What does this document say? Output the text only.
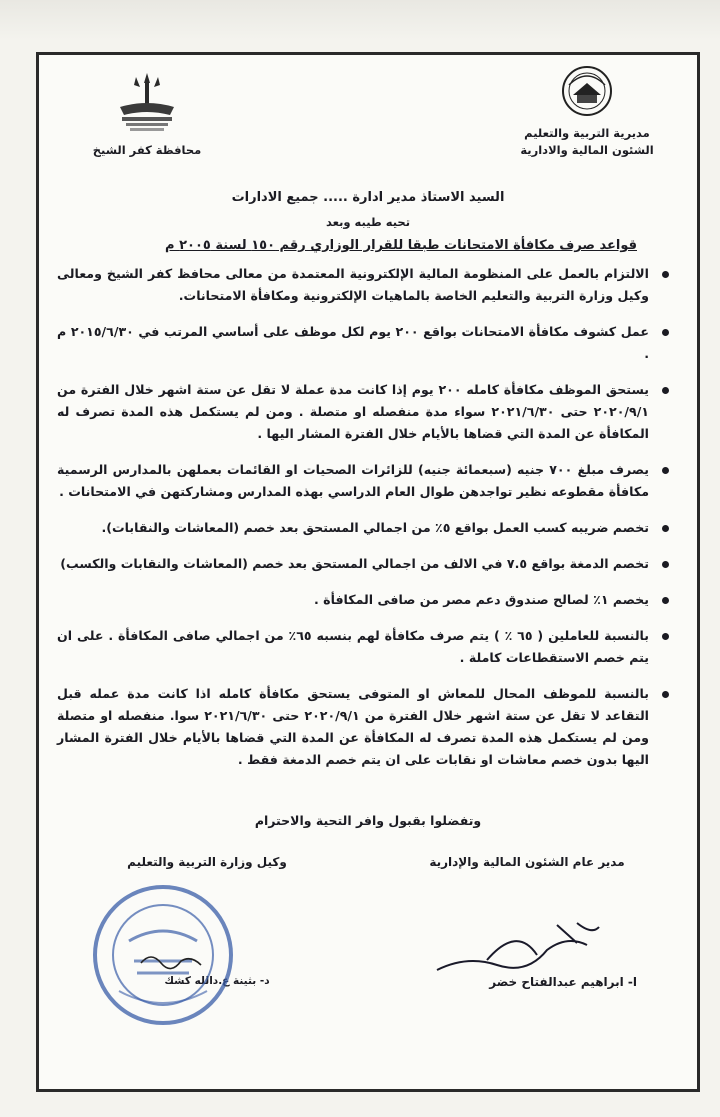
مديرية التربية والتعليم
الشئون المالية والادارية
محافظة كفر الشيخ
السيد الاستاذ مدير ادارة ..... جميع الادارات
تحيه طيبه وبعد
قواعد صرف مكافأة الامتحانات طبقا للقرار الوزاري رقم ١٥٠ لسنة ٢٠٠٥ م
الالتزام بالعمل على المنظومة المالية الإلكترونية المعتمدة من معالى محافظ كفر الشيخ ومعالى وكيل وزارة التربية والتعليم الخاصة بالماهيات الإلكترونية ومكافأة الامتحانات.
عمل كشوف مكافأة الامتحانات بواقع ٢٠٠ يوم لكل موظف على أساسي المرتب في ٢٠١٥/٦/٣٠ م .
يستحق الموظف مكافأة كامله ٢٠٠ يوم إذا كانت مدة عملة لا تقل عن ستة اشهر خلال الفترة من ٢٠٢٠/٩/١ حتى ٢٠٢١/٦/٣٠ سواء مدة منفصله او متصلة . ومن لم يستكمل هذه المدة تصرف له المكافأة عن المدة التي قضاها بالأيام خلال الفترة المشار اليها .
يصرف مبلغ ٧٠٠ جنيه (سبعمائة جنيه) للزائرات الصحيات او القائمات بعملهن بالمدارس الرسمية مكافأة مقطوعه نظير تواجدهن طوال العام الدراسي بهذه المدارس ومشاركتهن في الامتحانات .
تخصم ضريبه كسب العمل بواقع ٥٪ من اجمالي المستحق بعد خصم (المعاشات والنقابات).
تخصم الدمغة بواقع ٧.٥ في الالف من اجمالي المستحق بعد خصم (المعاشات والنقابات والكسب)
يخصم ١٪ لصالح صندوق دعم مصر من صافى المكافأة .
بالنسبة للعاملين ( ٦٥ ٪ ) يتم صرف مكافأة لهم بنسبه ٦٥٪ من اجمالي صافى المكافأة . على ان يتم خصم الاستقطاعات كاملة .
بالنسبة للموظف المحال للمعاش او المتوفى يستحق مكافأة كامله اذا كانت مدة عمله قبل التقاعد لا تقل عن ستة اشهر خلال الفترة من ٢٠٢٠/٩/١ حتى ٢٠٢١/٦/٣٠ سوا. منفصله او متصلة ومن لم يستكمل هذه المدة تصرف له المكافأة عن المدة التي قضاها بالأيام خلال الفترة المشار اليها بدون خصم معاشات او نقابات على ان يتم خصم الدمغة فقط .
وتفضلوا بقبول وافر التحية والاحترام
مدير عام الشئون المالية والإدارية
ا- ابراهيم عبدالفتاح خضر
وكيل وزارة التربية والتعليم
د- بثينة ع.دالله كشك
